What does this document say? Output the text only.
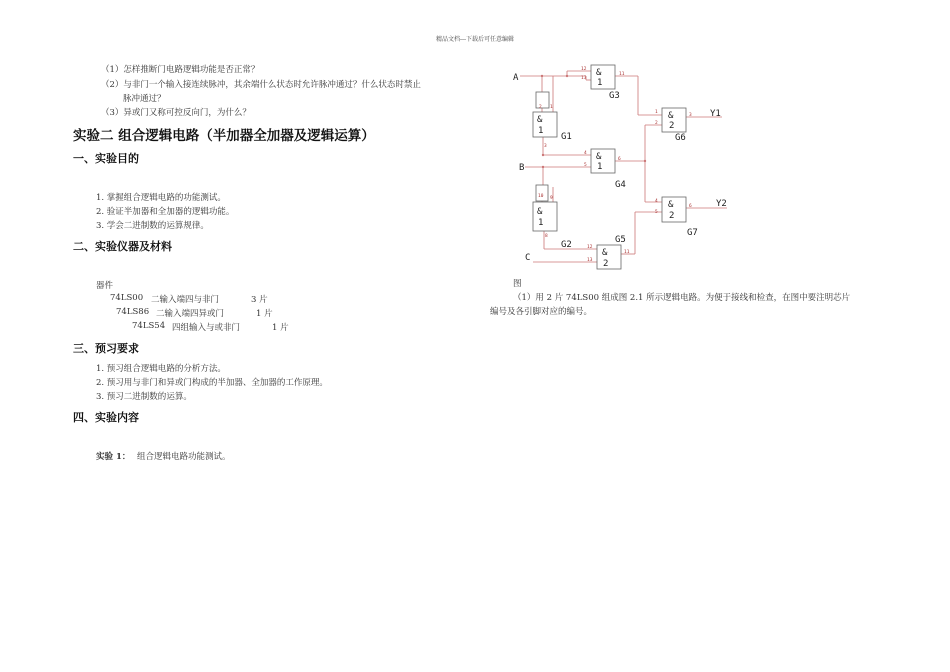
精品文档---下载后可任意编辑
（1）怎样推断门电路逻辑功能是否正常？
（2）与非门一个输入接连续脉冲，其余端什么状态时允许脉冲通过？什么状态时禁止
脉冲通过？
（3）异或门又称可控反向门，为什么？
实验二 组合逻辑电路（半加器全加器及逻辑运算）
一、实验目的
1. 掌握组合逻辑电路的功能测试。
2. 验证半加器和全加器的逻辑功能。
3. 学会二进制数的运算规律。
二、实验仪器及材料
器件
74LS00 二输入端四与非门	3 片
74LS86 二输入端四异或门	1 片
74LS54 四组输入与或非门	1 片
三、预习要求
1. 预习组合逻辑电路的分析方法。
2. 预习用与非门和异或门构成的半加器、全加器的工作原理。
3. 预习二进制数的运算。
四、实验内容
实验 1： 组合逻辑电路功能测试。
&
1
&
1
&
1
&
2
&
1
&
2
&
2
G3
G1
G4
G6
G2
G7
G5
A
B
C
Y1
Y2
12
13
11
2 1
3
4
5
6
10 9
8
1
2
3
4
5
6
12
13
11
图
（1）用 2 片 74LS00 组成图 2.1 所示逻辑电路。为便于接线和检查，在图中要注明芯片
编号及各引脚对应的编号。
